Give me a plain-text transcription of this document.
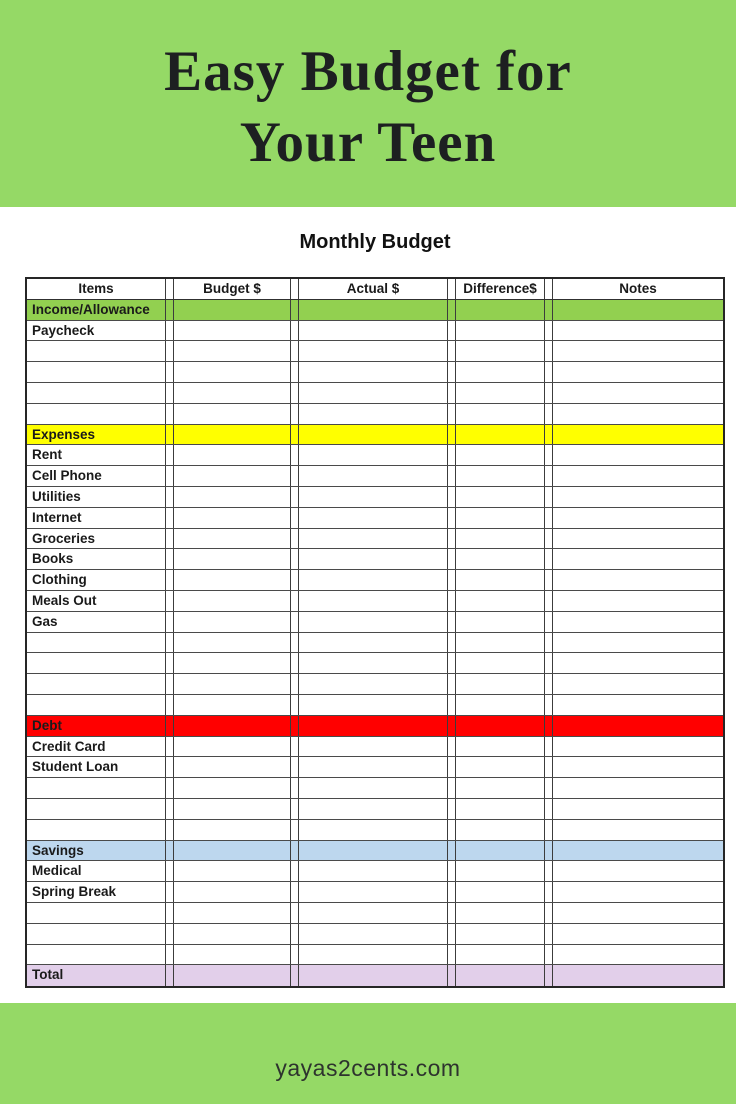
Easy Budget for
Your Teen
Monthly Budget
Items	Budget $	Actual $	Difference$	Notes
Income/Allowance
Paycheck
Expenses
Rent
Cell Phone
Utilities
Internet
Groceries
Books
Clothing
Meals Out
Gas
Debt
Credit Card
Student Loan
Savings
Medical
Spring Break
Total
yayas2cents.com
